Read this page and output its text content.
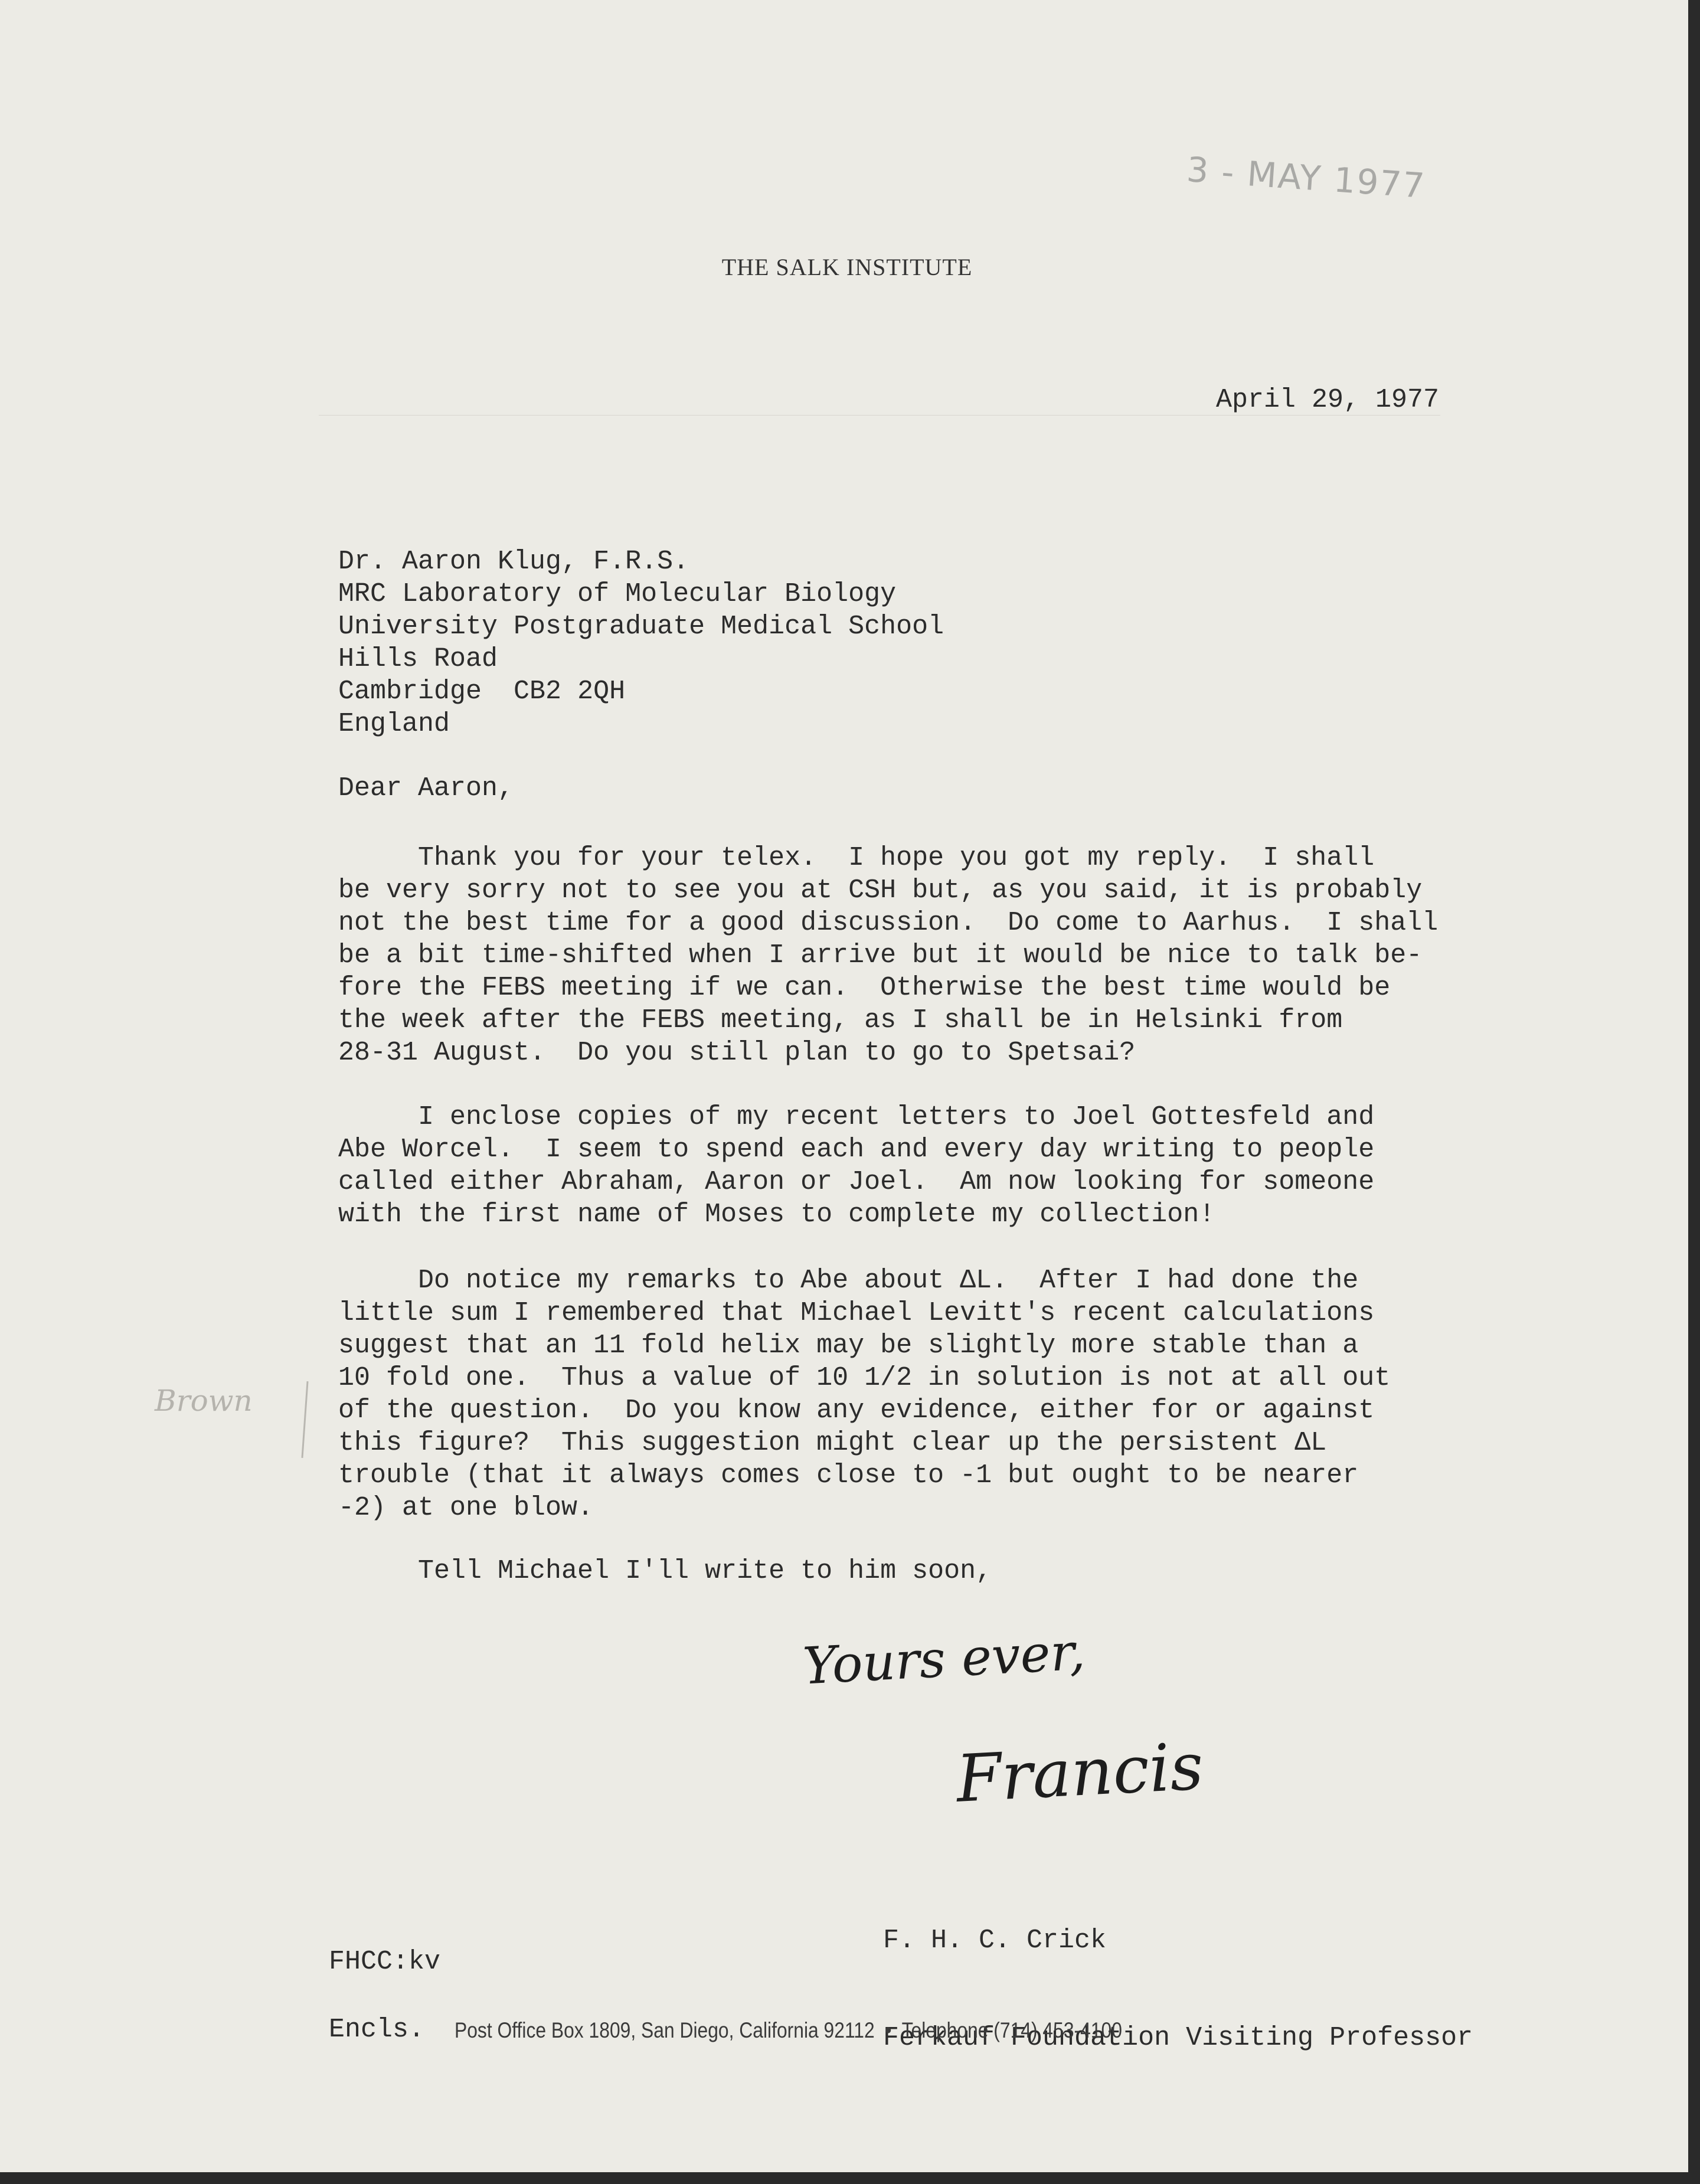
THE SALK INSTITUTE
3 - MAY 1977
April 29, 1977
Dr. Aaron Klug, F.R.S.
MRC Laboratory of Molecular Biology
University Postgraduate Medical School
Hills Road
Cambridge  CB2 2QH
England
Dear Aaron,
Thank you for your telex.  I hope you got my reply.  I shall
be very sorry not to see you at CSH but, as you said, it is probably
not the best time for a good discussion.  Do come to Aarhus.  I shall
be a bit time-shifted when I arrive but it would be nice to talk be-
fore the FEBS meeting if we can.  Otherwise the best time would be
the week after the FEBS meeting, as I shall be in Helsinki from
28-31 August.  Do you still plan to go to Spetsai?
I enclose copies of my recent letters to Joel Gottesfeld and
Abe Worcel.  I seem to spend each and every day writing to people
called either Abraham, Aaron or Joel.  Am now looking for someone
with the first name of Moses to complete my collection!
Do notice my remarks to Abe about ΔL.  After I had done the
little sum I remembered that Michael Levitt's recent calculations
suggest that an 11 fold helix may be slightly more stable than a
10 fold one.  Thus a value of 10 1/2 in solution is not at all out
of the question.  Do you know any evidence, either for or against
this figure?  This suggestion might clear up the persistent ΔL
trouble (that it always comes close to -1 but ought to be nearer
-2) at one blow.
Tell Michael I'll write to him soon,
Brown
Yours ever,
Francis

F. H. C. Crick

Ferkauf Foundation Visiting Professor

FHCC:kv
Encls. Post Office Box 1809, San Diego, California 92112  •  Telephone (714) 453-4100
